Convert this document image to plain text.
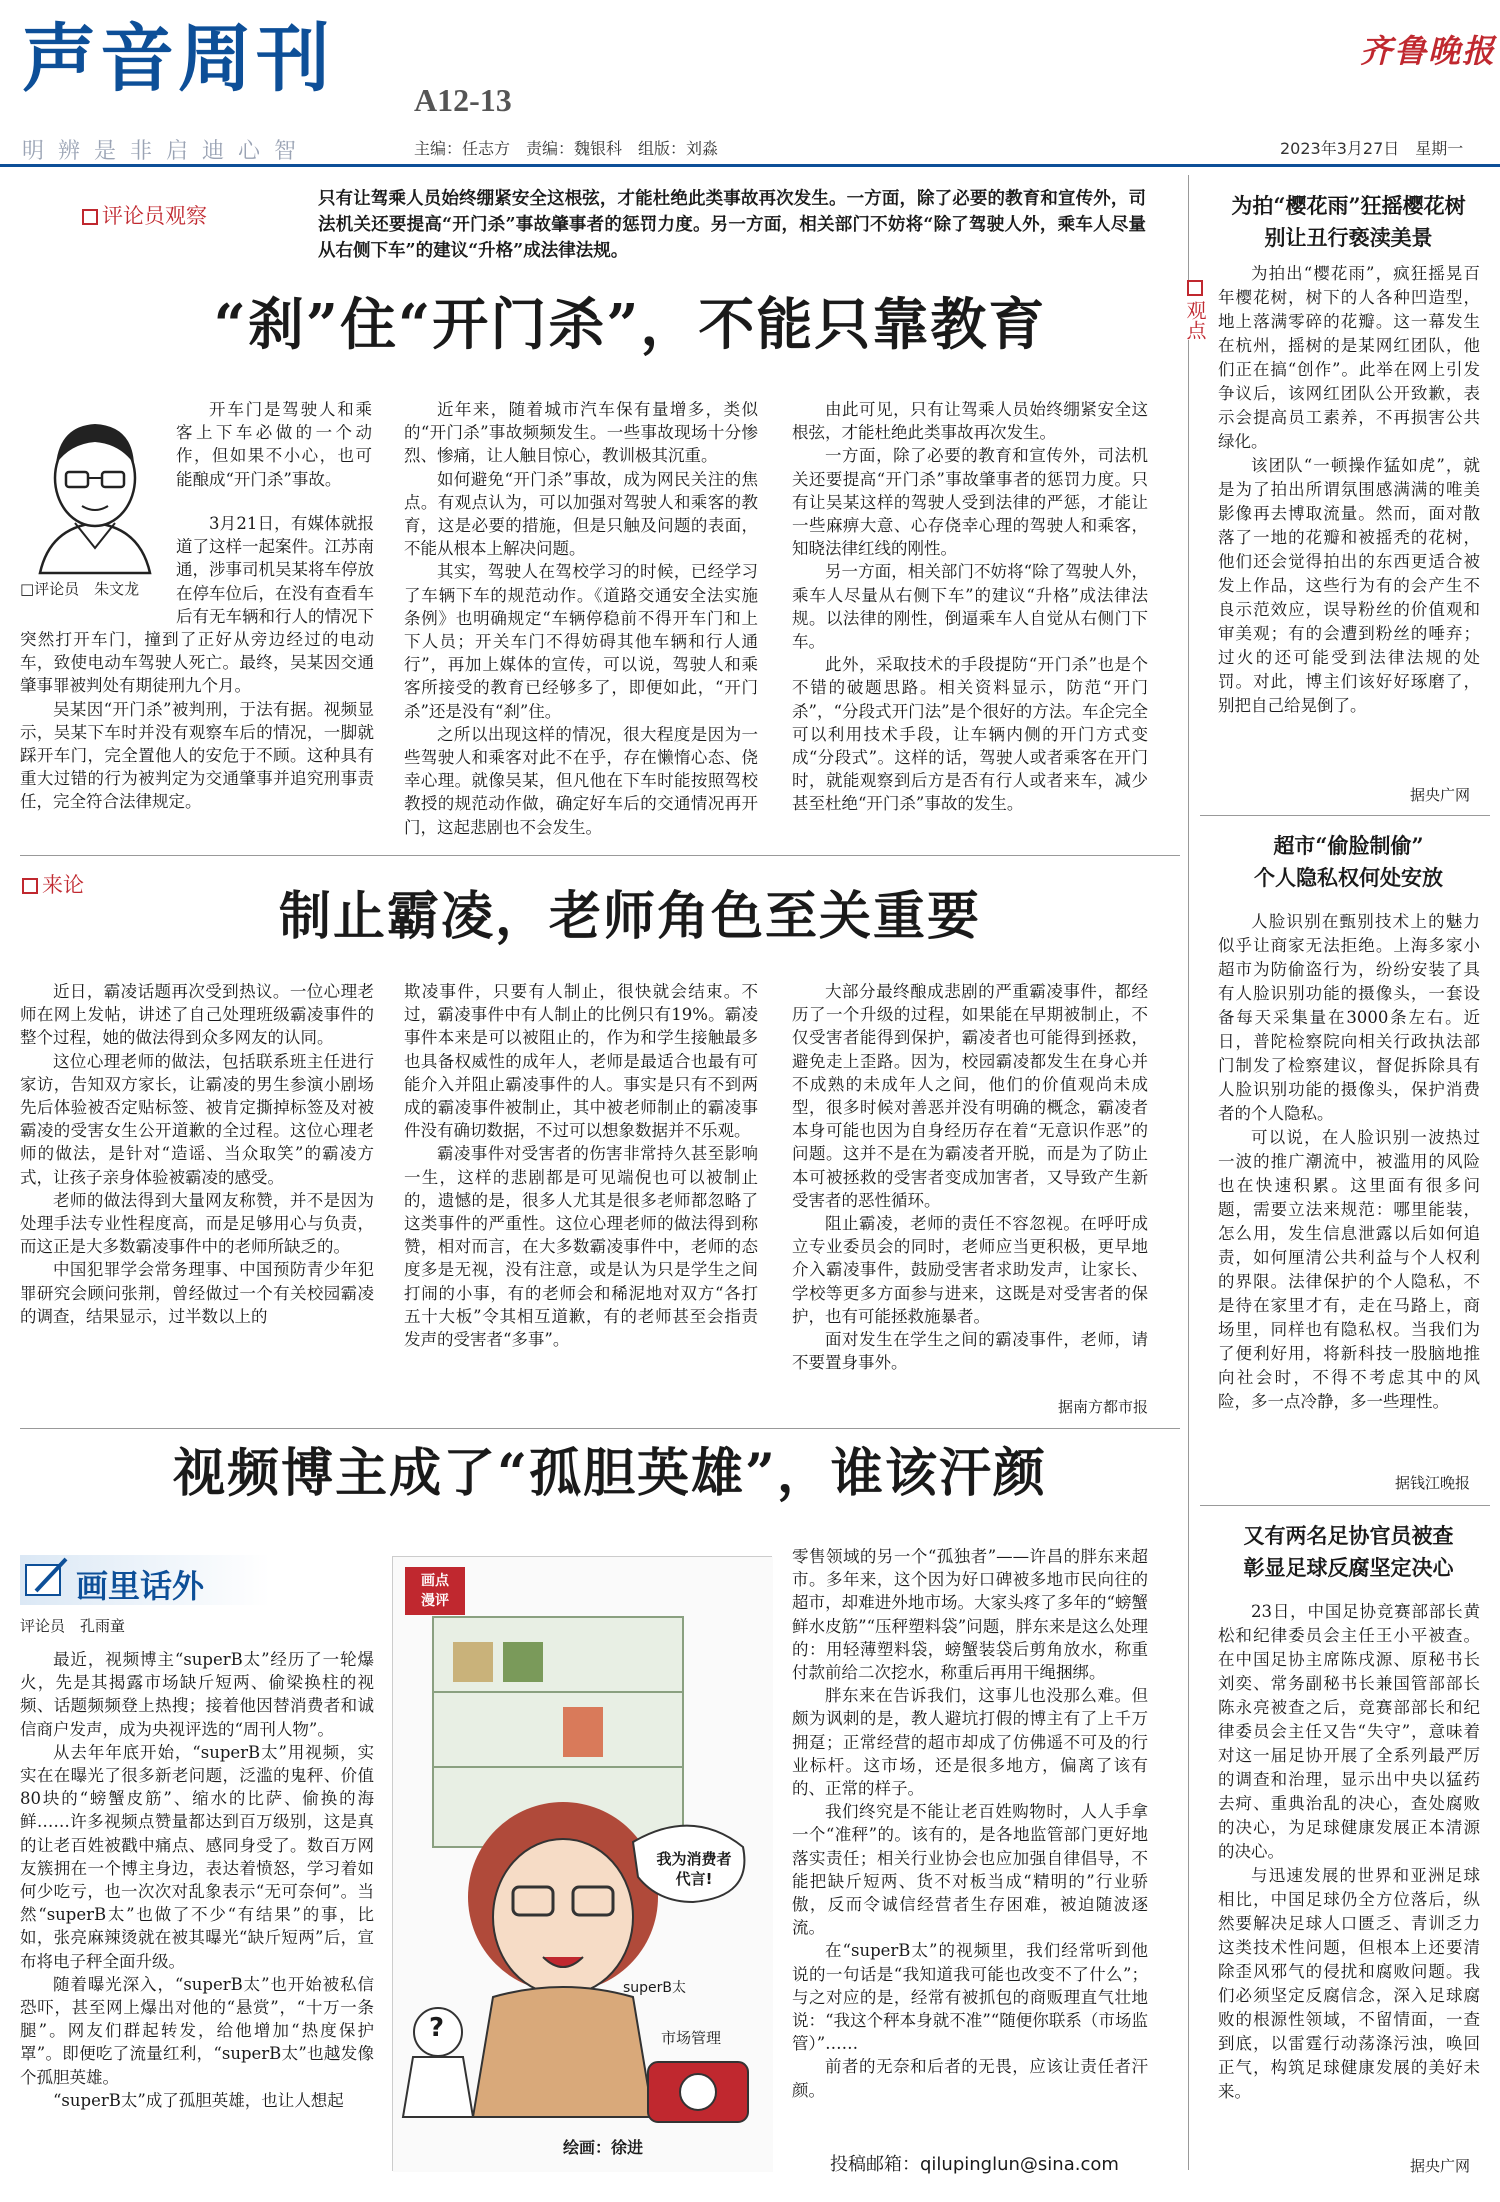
声音周刊	A12-13
明辨是非启迪心智	主编：任志方　责编：魏银科　组版：刘淼	2023年3月27日　星期一
齐鲁晚报
评论员观察
只有让驾乘人员始终绷紧安全这根弦，才能杜绝此类事故再次发生。一方面，除了必要的教育和宣传外，司法机关还要提高“开门杀”事故肇事者的惩罚力度。另一方面，相关部门不妨将“除了驾驶人外，乘车人尽量从右侧下车”的建议“升格”成法律法规。
“刹”住“开门杀”，不能只靠教育
□评论员　朱文龙
开车门是驾驶人和乘客上下车必做的一个动作，但如果不小心，也可能酿成“开门杀”事故。

3月21日，有媒体就报道了这样一起案件。江苏南通，涉事司机吴某将车停放在停车位后，在没有查看车后有无车辆和行人的情况下突然打开车门，撞到了正好从旁边经过的电动车，致使电动车驾驶人死亡。最终，吴某因交通肇事罪被判处有期徒刑九个月。

吴某因“开门杀”被判刑，于法有据。视频显示，吴某下车时并没有观察车后的情况，一脚就踩开车门，完全置他人的安危于不顾。这种具有重大过错的行为被判定为交通肇事并追究刑事责任，完全符合法律规定。

近年来，随着城市汽车保有量增多，类似的“开门杀”事故频频发生。一些事故现场十分惨烈、惨痛，让人触目惊心，教训极其沉重。

如何避免“开门杀”事故，成为网民关注的焦点。有观点认为，可以加强对驾驶人和乘客的教育，这是必要的措施，但是只触及问题的表面，不能从根本上解决问题。

其实，驾驶人在驾校学习的时候，已经学习了车辆下车的规范动作。《道路交通安全法实施条例》也明确规定“车辆停稳前不得开车门和上下人员；开关车门不得妨碍其他车辆和行人通行”，再加上媒体的宣传，可以说，驾驶人和乘客所接受的教育已经够多了，即便如此，“开门杀”还是没有“刹”住。

之所以出现这样的情况，很大程度是因为一些驾驶人和乘客对此不在乎，存在懒惰心态、侥幸心理。就像吴某，但凡他在下车时能按照驾校教授的规范动作做，确定好车后的交通情况再开门，这起悲剧也不会发生。

由此可见，只有让驾乘人员始终绷紧安全这根弦，才能杜绝此类事故再次发生。

一方面，除了必要的教育和宣传外，司法机关还要提高“开门杀”事故肇事者的惩罚力度。只有让吴某这样的驾驶人受到法律的严惩，才能让一些麻痹大意、心存侥幸心理的驾驶人和乘客，知晓法律红线的刚性。

另一方面，相关部门不妨将“除了驾驶人外，乘车人尽量从右侧下车”的建议“升格”成法律法规。以法律的刚性，倒逼乘车人自觉从右侧门下车。

此外，采取技术的手段提防“开门杀”也是个不错的破题思路。相关资料显示，防范“开门杀”，“分段式开门法”是个很好的方法。车企完全可以利用技术手段，让车辆内侧的开门方式变成“分段式”。这样的话，驾驶人或者乘客在开门时，就能观察到后方是否有行人或者来车，减少甚至杜绝“开门杀”事故的发生。

来论
制止霸凌，老师角色至关重要

近日，霸凌话题再次受到热议。一位心理老师在网上发帖，讲述了自己处理班级霸凌事件的整个过程，她的做法得到众多网友的认同。

这位心理老师的做法，包括联系班主任进行家访，告知双方家长，让霸凌的男生参演小剧场先后体验被否定贴标签、被肯定撕掉标签及对被霸凌的受害女生公开道歉的全过程。这位心理老师的做法，是针对“造谣、当众取笑”的霸凌方式，让孩子亲身体验被霸凌的感受。

老师的做法得到大量网友称赞，并不是因为处理手法专业性程度高，而是足够用心与负责，而这正是大多数霸凌事件中的老师所缺乏的。

中国犯罪学会常务理事、中国预防青少年犯罪研究会顾问张荆，曾经做过一个有关校园霸凌的调查，结果显示，过半数以上的

欺凌事件，只要有人制止，很快就会结束。不过，霸凌事件中有人制止的比例只有19%。霸凌事件本来是可以被阻止的，作为和学生接触最多也具备权威性的成年人，老师是最适合也最有可能介入并阻止霸凌事件的人。事实是只有不到两成的霸凌事件被制止，其中被老师制止的霸凌事件没有确切数据，不过可以想象数据并不乐观。

霸凌事件对受害者的伤害非常持久甚至影响一生，这样的悲剧都是可见端倪也可以被制止的，遗憾的是，很多人尤其是很多老师都忽略了这类事件的严重性。这位心理老师的做法得到称赞，相对而言，在大多数霸凌事件中，老师的态度多是无视，没有注意，或是认为只是学生之间打闹的小事，有的老师会和稀泥地对双方“各打五十大板”令其相互道歉，有的老师甚至会指责发声的受害者“多事”。

大部分最终酿成悲剧的严重霸凌事件，都经历了一个升级的过程，如果能在早期被制止，不仅受害者能得到保护，霸凌者也可能得到拯救，避免走上歪路。因为，校园霸凌都发生在身心并不成熟的未成年人之间，他们的价值观尚未成型，很多时候对善恶并没有明确的概念，霸凌者本身可能也因为自身经历存在着“无意识作恶”的问题。这并不是在为霸凌者开脱，而是为了防止本可被拯救的受害者变成加害者，又导致产生新受害者的恶性循环。

阻止霸凌，老师的责任不容忽视。在呼吁成立专业委员会的同时，老师应当更积极，更早地介入霸凌事件，鼓励受害者求助发声，让家长、学校等更多方面参与进来，这既是对受害者的保护，也有可能拯救施暴者。

面对发生在学生之间的霸凌事件，老师，请不要置身事外。

据南方都市报
视频博主成了“孤胆英雄”，谁该汗颜
画里话外
评论员　孔雨童

最近，视频博主“superB太”经历了一轮爆火，先是其揭露市场缺斤短两、偷梁换柱的视频、话题频频登上热搜；接着他因替消费者和诚信商户发声，成为央视评选的“周刊人物”。

从去年年底开始，“superB太”用视频，实实在在曝光了很多新老问题，泛滥的鬼秤、价值80块的“螃蟹皮筋”、缩水的比萨、偷换的海鲜……许多视频点赞量都达到百万级别，这是真的让老百姓被戳中痛点、感同身受了。数百万网友簇拥在一个博主身边，表达着愤怒，学习着如何少吃亏，也一次次对乱象表示“无可奈何”。当然“superB太”也做了不少“有结果”的事，比如，张亮麻辣烫就在被其曝光“缺斤短两”后，宣布将电子秤全面升级。

随着曝光深入，“superB太”也开始被私信恐吓，甚至网上爆出对他的“悬赏”，“十万一条腿”。网友们群起转发，给他增加“热度保护罩”。即便吃了流量红利，“superB太”也越发像个孤胆英雄。

“superB太”成了孤胆英雄，也让人想起

画点
漫评
我为消费者代言!
superB太
?	市场管理
绘画：徐进

零售领域的另一个“孤独者”——许昌的胖东来超市。多年来，这个因为好口碑被多地市民向往的超市，却难进外地市场。大家头疼了多年的“螃蟹鲜水皮筋”“压秤塑料袋”问题，胖东来是这么处理的：用轻薄塑料袋，螃蟹装袋后剪角放水，称重付款前给二次挖水，称重后再用干绳捆绑。

胖东来在告诉我们，这事儿也没那么难。但颇为讽刺的是，教人避坑打假的博主有了上千万拥趸；正常经营的超市却成了仿佛遥不可及的行业标杆。这市场，还是很多地方，偏离了该有的、正常的样子。

我们终究是不能让老百姓购物时，人人手拿一个“准秤”的。该有的，是各地监管部门更好地落实责任；相关行业协会也应加强自律倡导，不能把缺斤短两、货不对板当成“精明的”行业骄傲，反而令诚信经营者生存困难，被迫随波逐流。

在“superB太”的视频里，我们经常听到他说的一句话是“我知道我可能也改变不了什么”；与之对应的是，经常有被抓包的商贩理直气壮地说：“我这个秤本身就不准”“随便你联系（市场监管）”……

前者的无奈和后者的无畏，应该让责任者汗颜。

投稿邮箱：qilupinglun@sina.com
观点
为拍“樱花雨”狂摇樱花树
别让丑行亵渎美景

为拍出“樱花雨”，疯狂摇晃百年樱花树，树下的人各种凹造型，地上落满零碎的花瓣。这一幕发生在杭州，摇树的是某网红团队，他们正在搞“创作”。此举在网上引发争议后，该网红团队公开致歉，表示会提高员工素养，不再损害公共绿化。

该团队“一顿操作猛如虎”，就是为了拍出所谓氛围感满满的唯美影像再去博取流量。然而，面对散落了一地的花瓣和被摇秃的花树，他们还会觉得拍出的东西更适合被发上作品，这些行为有的会产生不良示范效应，误导粉丝的价值观和审美观；有的会遭到粉丝的唾弃；过火的还可能受到法律法规的处罚。对此，博主们该好好琢磨了，别把自己给晃倒了。

据央广网
超市“偷脸制偷”
个人隐私权何处安放

人脸识别在甄别技术上的魅力似乎让商家无法拒绝。上海多家小超市为防偷盗行为，纷纷安装了具有人脸识别功能的摄像头，一套设备每天采集量在3000条左右。近日，普陀检察院向相关行政执法部门制发了检察建议，督促拆除具有人脸识别功能的摄像头，保护消费者的个人隐私。

可以说，在人脸识别一波热过一波的推广潮流中，被滥用的风险也在快速积累。这里面有很多问题，需要立法来规范：哪里能装，怎么用，发生信息泄露以后如何追责，如何厘清公共利益与个人权利的界限。法律保护的个人隐私，不是待在家里才有，走在马路上，商场里，同样也有隐私权。当我们为了便利好用，将新科技一股脑地推向社会时，不得不考虑其中的风险，多一点冷静，多一些理性。

据钱江晚报
又有两名足协官员被查
彰显足球反腐坚定决心

23日，中国足协竞赛部部长黄松和纪律委员会主任王小平被查。在中国足协主席陈戌源、原秘书长刘奕、常务副秘书长兼国管部部长陈永亮被查之后，竞赛部部长和纪律委员会主任又告“失守”，意味着对这一届足协开展了全系列最严厉的调查和治理，显示出中央以猛药去疴、重典治乱的决心，查处腐败的决心，为足球健康发展正本清源的决心。

与迅速发展的世界和亚洲足球相比，中国足球仍全方位落后，纵然要解决足球人口匮乏、青训乏力这类技术性问题，但根本上还要清除歪风邪气的侵扰和腐败问题。我们必须坚定反腐信念，深入足球腐败的根源性领域，不留情面，一查到底，以雷霆行动荡涤污浊，唤回正气，构筑足球健康发展的美好未来。

据央广网
